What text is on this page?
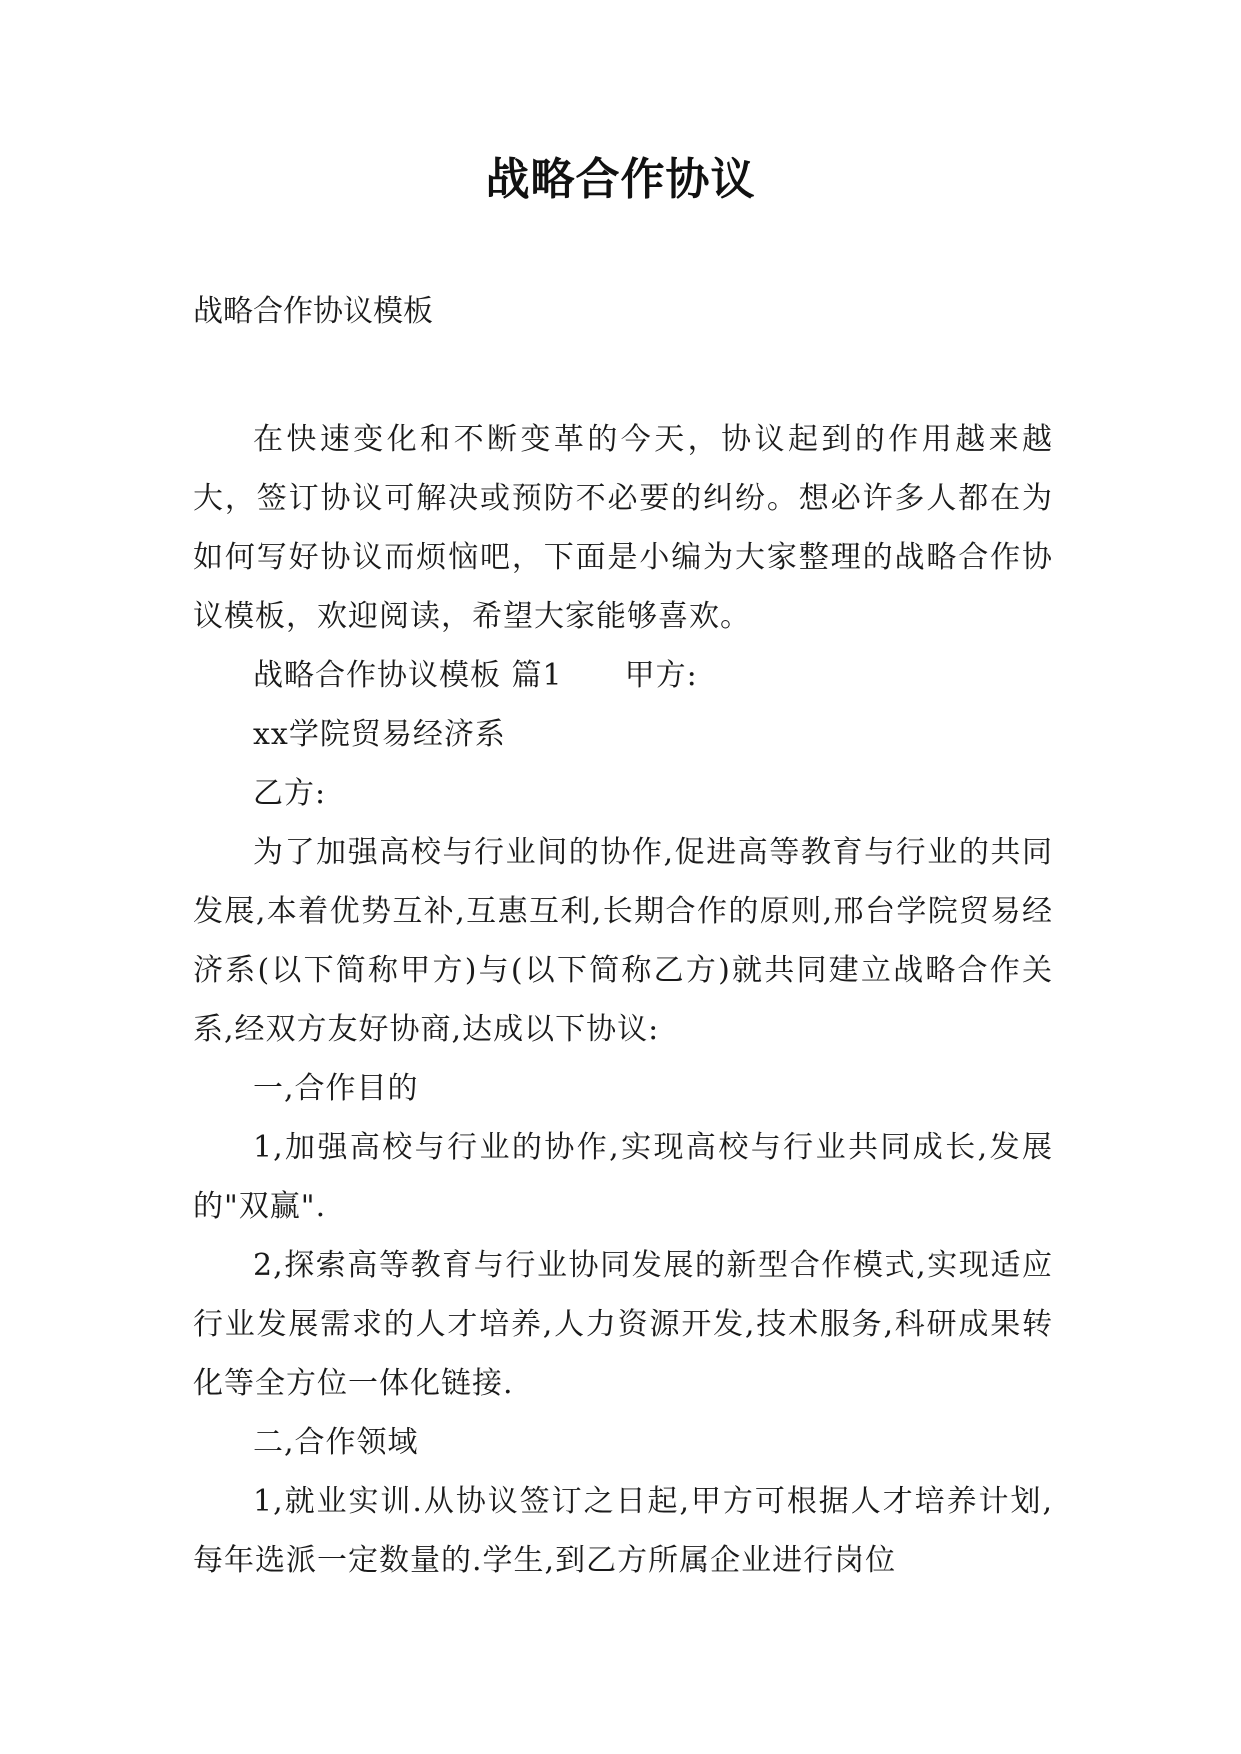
战略合作协议
战略合作协议模板

在快速变化和不断变革的今天，协议起到的作用越来越大，签订协议可解决或预防不必要的纠纷。想必许多人都在为如何写好协议而烦恼吧，下面是小编为大家整理的战略合作协议模板，欢迎阅读，希望大家能够喜欢。

战略合作协议模板 篇1　　甲方:

xx学院贸易经济系

乙方:

为了加强高校与行业间的协作,促进高等教育与行业的共同发展,本着优势互补,互惠互利,长期合作的原则,邢台学院贸易经济系(以下简称甲方)与(以下简称乙方)就共同建立战略合作关系,经双方友好协商,达成以下协议:

一,合作目的

1,加强高校与行业的协作,实现高校与行业共同成长,发展的"双赢".

2,探索高等教育与行业协同发展的新型合作模式,实现适应行业发展需求的人才培养,人力资源开发,技术服务,科研成果转化等全方位一体化链接.

二,合作领域

1,就业实训.从协议签订之日起,甲方可根据人才培养计划,每年选派一定数量的.学生,到乙方所属企业进行岗位
